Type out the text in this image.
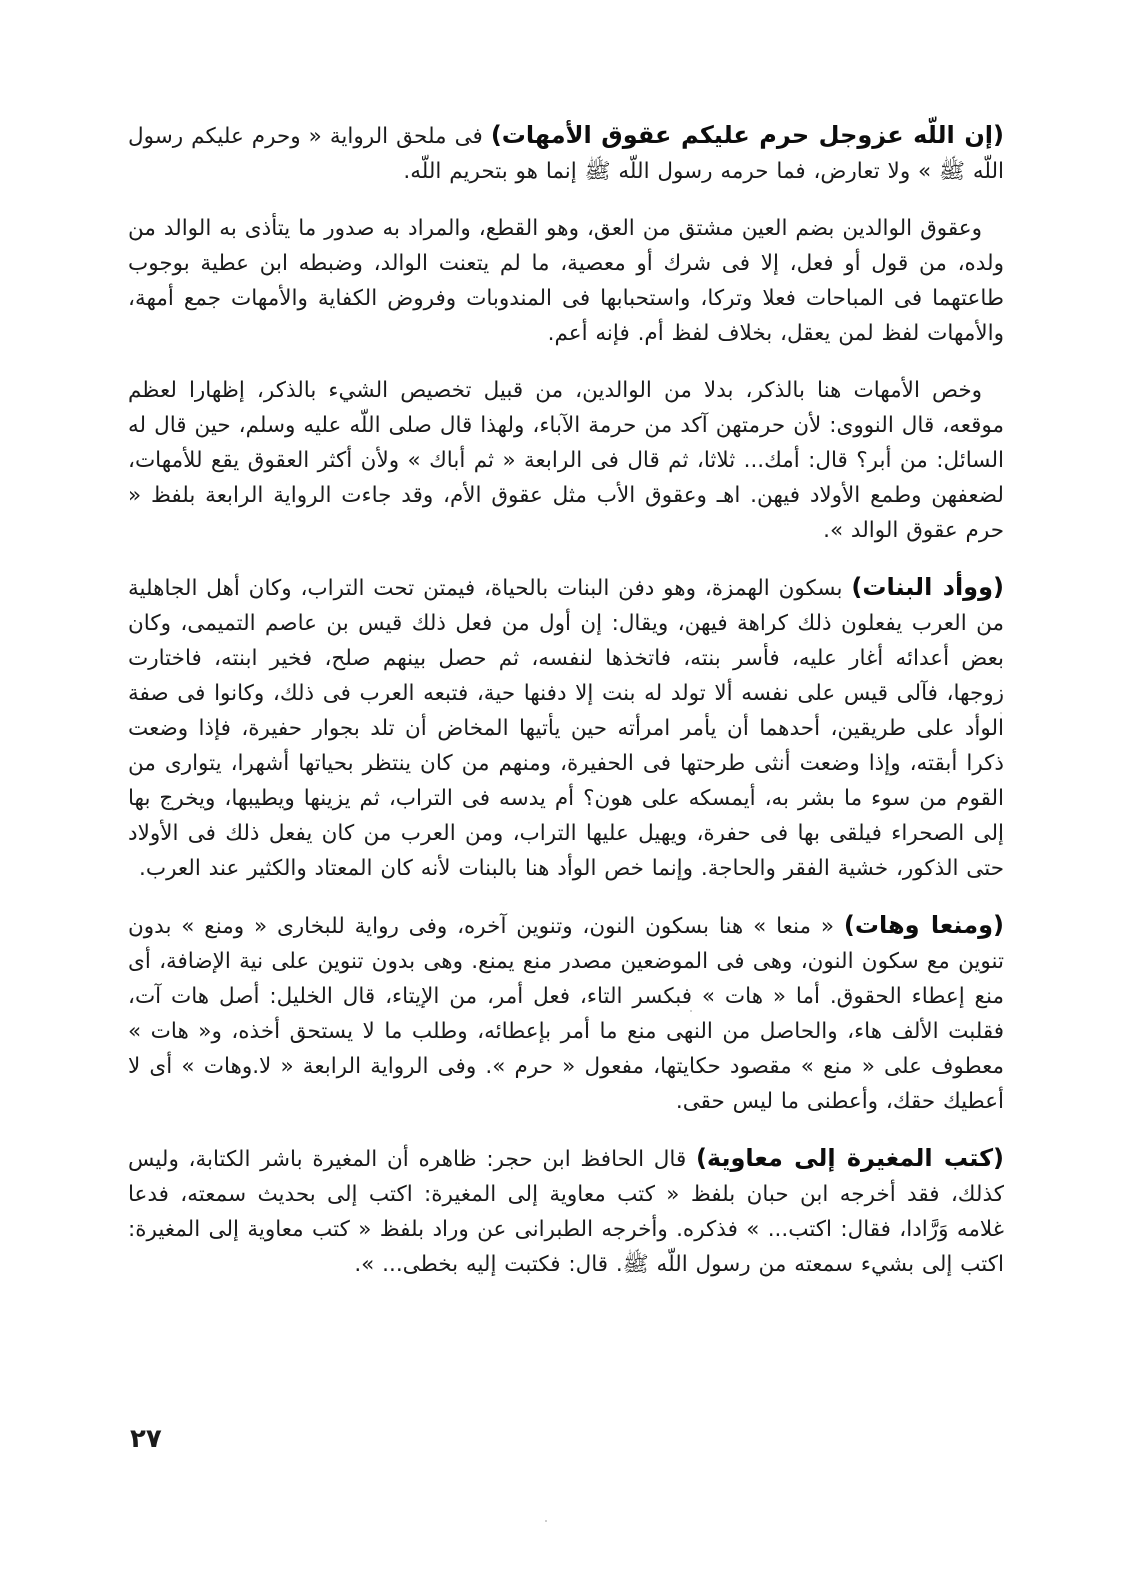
(إن اللّه عزوجل حرم عليكم عقوق الأمهات) فى ملحق الرواية « وحرم عليكم رسول اللّه ﷺ » ولا تعارض، فما حرمه رسول اللّه ﷺ إنما هو بتحريم اللّه.

وعقوق الوالدين بضم العين مشتق من العق، وهو القطع، والمراد به صدور ما يتأذى به الوالد من ولده، من قول أو فعل، إلا فى شرك أو معصية، ما لم يتعنت الوالد، وضبطه ابن عطية بوجوب طاعتهما فى المباحات فعلا وتركا، واستحبابها فى المندوبات وفروض الكفاية والأمهات جمع أمهة، والأمهات لفظ لمن يعقل، بخلاف لفظ أم. فإنه أعم.

وخص الأمهات هنا بالذكر، بدلا من الوالدين، من قبيل تخصيص الشيء بالذكر، إظهارا لعظم موقعه، قال النووى: لأن حرمتهن آكد من حرمة الآباء، ولهذا قال صلى اللّه عليه وسلم، حين قال له السائل: من أبر؟ قال: أمك... ثلاثا، ثم قال فى الرابعة « ثم أباك » ولأن أكثر العقوق يقع للأمهات، لضعفهن وطمع الأولاد فيهن. اهـ وعقوق الأب مثل عقوق الأم، وقد جاءت الرواية الرابعة بلفظ « حرم عقوق الوالد ».

(ووأد البنات) بسكون الهمزة، وهو دفن البنات بالحياة، فيمتن تحت التراب، وكان أهل الجاهلية من العرب يفعلون ذلك كراهة فيهن، ويقال: إن أول من فعل ذلك قيس بن عاصم التميمى، وكان بعض أعدائه أغار عليه، فأسر بنته، فاتخذها لنفسه، ثم حصل بينهم صلح، فخير ابنته، فاختارت زوجها، فآلى قيس على نفسه ألا تولد له بنت إلا دفنها حية، فتبعه العرب فى ذلك، وكانوا فى صفة الوأد على طريقين، أحدهما أن يأمر امرأته حين يأتيها المخاض أن تلد بجوار حفيرة، فإذا وضعت ذكرا أبقته، وإذا وضعت أنثى طرحتها فى الحفيرة، ومنهم من كان ينتظر بحياتها أشهرا، يتوارى من القوم من سوء ما بشر به، أيمسكه على هون؟ أم يدسه فى التراب، ثم يزينها ويطيبها، ويخرج بها إلى الصحراء فيلقى بها فى حفرة، ويهيل عليها التراب، ومن العرب من كان يفعل ذلك فى الأولاد حتى الذكور، خشية الفقر والحاجة. وإنما خص الوأد هنا بالبنات لأنه كان المعتاد والكثير عند العرب.

(ومنعا وهات) « منعا » هنا بسكون النون، وتنوين آخره، وفى رواية للبخارى « ومنع » بدون تنوين مع سكون النون، وهى فى الموضعين مصدر منع يمنع. وهى بدون تنوين على نية الإضافة، أى منع إعطاء الحقوق. أما « هات » فبكسر التاء، فعل أمر، من الإيتاء، قال الخليل: أصل هات آت، فقلبت الألف هاء، والحاصل من النهى منع ما أمر بإعطائه، وطلب ما لا يستحق أخذه، و« هات » معطوف على « منع » مقصود حكايتها، مفعول « حرم ». وفى الرواية الرابعة « لا.وهات » أى لا أعطيك حقك، وأعطنى ما ليس حقى.

(كتب المغيرة إلى معاوية) قال الحافظ ابن حجر: ظاهره أن المغيرة باشر الكتابة، وليس كذلك، فقد أخرجه ابن حبان بلفظ « كتب معاوية إلى المغيرة: اكتب إلى بحديث سمعته، فدعا غلامه وَرَّادا، فقال: اكتب... » فذكره. وأخرجه الطبرانى عن وراد بلفظ « كتب معاوية إلى المغيرة: اكتب إلى بشيء سمعته من رسول اللّه ﷺ. قال: فكتبت إليه بخطى... ».

٢٧
